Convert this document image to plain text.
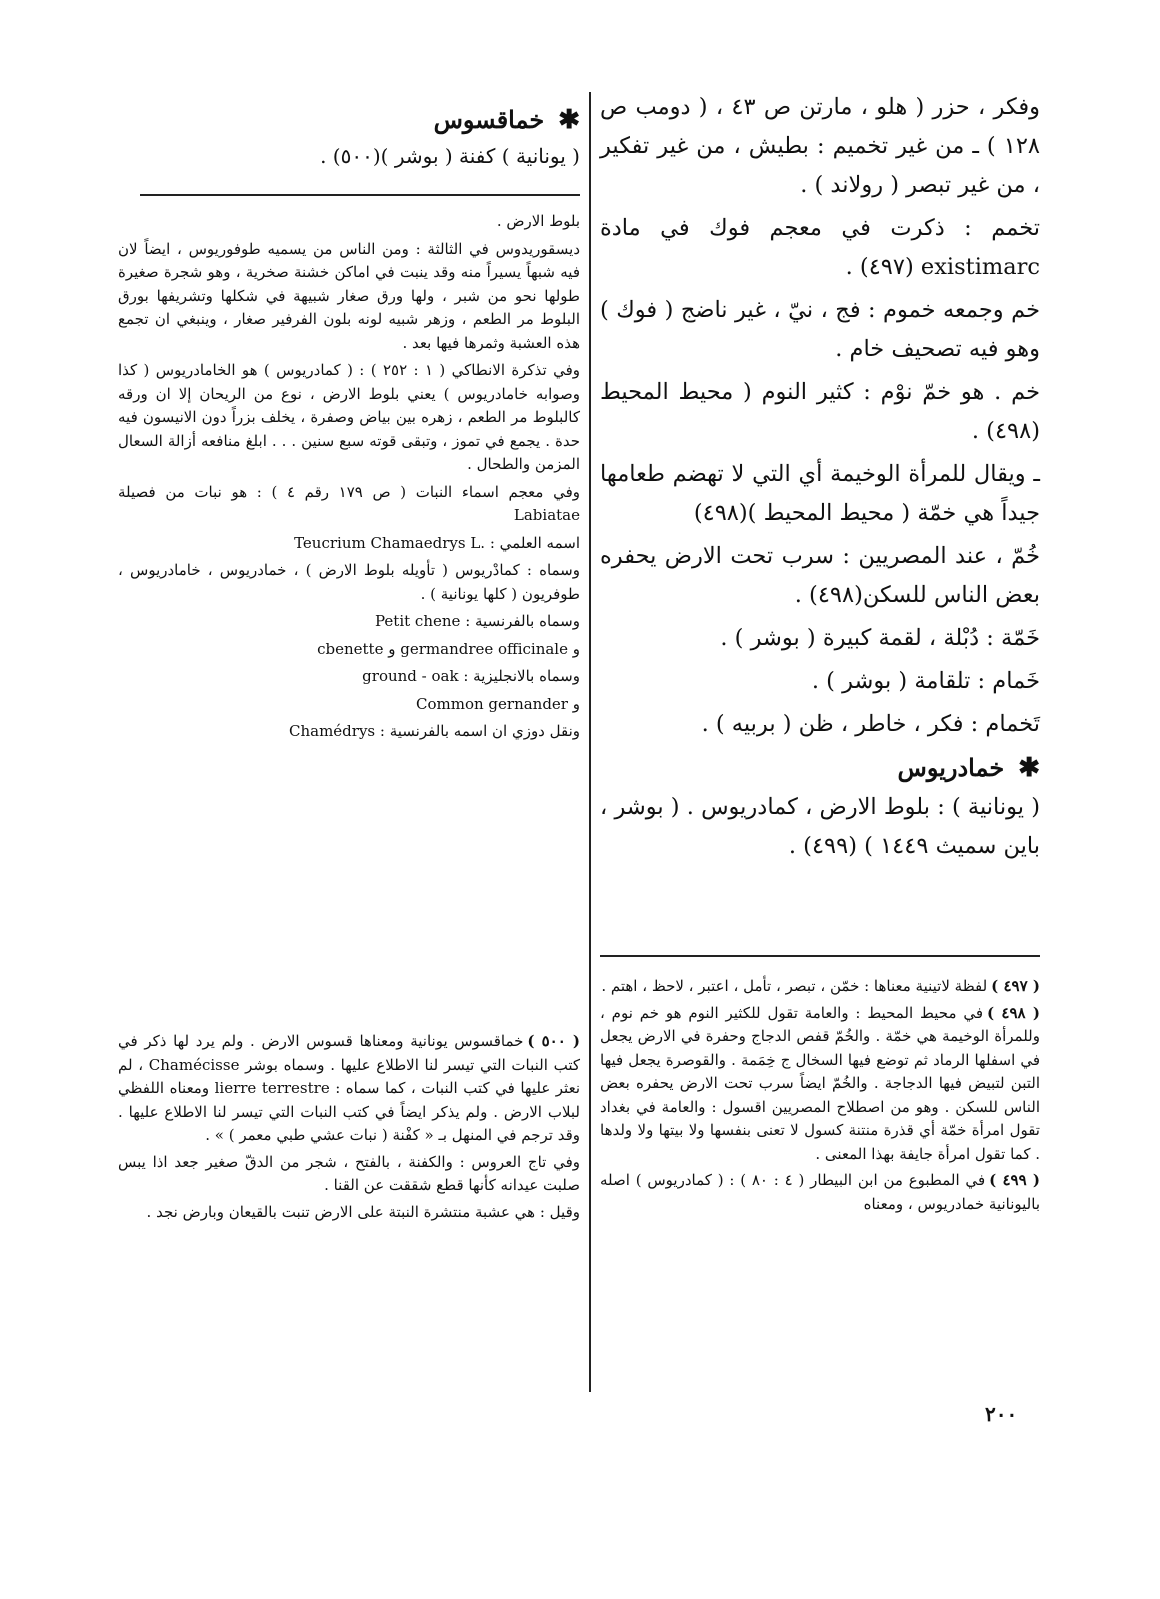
وفكر ، حزر ( هلو ، مارتن ص ٤٣ ، ( دومب ص ١٢٨ ) ـ من غير تخميم : بطيش ، من غير تفكير ، من غير تبصر ( رولاند ) .

تخمم : ذكرت في معجم فوك في مادة existimarc (٤٩٧) .

خم وجمعه خموم : فج ، نيّ ، غير ناضج ( فوك ) وهو فيه تصحيف خام .

خم . هو خمّ نوْم : كثير النوم ( محيط المحيط (٤٩٨) .

ـ ويقال للمرأة الوخيمة أي التي لا تهضم طعامها جيداً هي خمّة ( محيط المحيط )(٤٩٨)

خُمّ ، عند المصريين : سرب تحت الارض يحفره بعض الناس للسكن(٤٩٨) .

خَمّة : دُبْلة ، لقمة كبيرة ( بوشر ) .

خَمام : تلقامة ( بوشر ) .

تَخمام : فكر ، خاطر ، ظن ( بربيه ) .

✱
خمادريوس

( يونانية ) : بلوط الارض ، كمادريوس . ( بوشر ، باين سميث ١٤٤٩ ) (٤٩٩) .

( ٤٩٧ )لفظة لاتينية معناها : خمّن ، تبصر ، تأمل ، اعتبر ، لاحظ ، اهتم .

( ٤٩٨ )في محيط المحيط : والعامة تقول للكثير النوم هو خم نوم ، وللمرأة الوخيمة هي خمّة . والخُمّ قفص الدجاج وحفرة في الارض يجعل في اسفلها الرماد ثم توضع فيها السخال ج خِمَمة . والقوصرة يجعل فيها التبن لتبيض فيها الدجاجة . والخُمّ ايضاً سرب تحت الارض يحفره بعض الناس للسكن . وهو من اصطلاح المصريين اقسول : والعامة في بغداد تقول امرأة خمّة أي قذرة منتنة كسول لا تعنى بنفسها ولا بيتها ولا ولدها . كما تقول امرأة جايفة بهذا المعنى .

( ٤٩٩ )في المطبوع من ابن البيطار ( ٤ : ٨٠ ) : ( كمادريوس ) اصله باليونانية خمادريوس ، ومعناه

✱
خماقسوس

( يونانية ) كفنة ( بوشر )(٥٠٠) .

بلوط الارض .

ديسقوريدوس في الثالثة : ومن الناس من يسميه طوفوريوس ، ايضاً لان فيه شبهاً يسيراً منه وقد ينبت في اماكن خشنة صخرية ، وهو شجرة صغيرة طولها نحو من شبر ، ولها ورق صغار شبيهة في شكلها وتشريفها بورق البلوط مر الطعم ، وزهر شبيه لونه بلون الفرفير صغار ، وينبغي ان تجمع هذه العشبة وثمرها فيها بعد .

وفي تذكرة الانطاكي ( ١ : ٢٥٢ ) : ( كمادريوس ) هو الخامادريوس ( كذا وصوابه خامادريوس ) يعني بلوط الارض ، نوع من الريحان إلا ان ورقه كالبلوط مر الطعم ، زهره بين بياض وصفرة ، يخلف بزراً دون الانيسون فيه حدة . يجمع في تموز ، وتبقى قوته سبع سنين . . . ابلغ منافعه أزالة السعال المزمن والطحال .

وفي معجم اسماء النبات ( ص ١٧٩ رقم ٤ ) : هو نبات من فصيلة Labiatae

اسمه العلمي : .Teucrium Chamaedrys L

وسماه : كمادْريوس ( تأويله بلوط الارض ) ، خمادريوس ، خامادريوس ، طوفريون ( كلها يونانية ) .

وسماه بالفرنسية : Petit chene

و germandree officinale و cbenette

وسماه بالانجليزية : ground - oak

و Common gernander

ونقل دوزي ان اسمه بالفرنسية : Chamédrys

( ٥٠٠ )خماقسوس يونانية ومعناها قسوس الارض . ولم يرد لها ذكر في كتب النبات التي تيسر لنا الاطلاع عليها . وسماه بوشر Chamécisse ، لم نعثر عليها في كتب النبات ، كما سماه : lierre terrestre ومعناه اللفظي لبلاب الارض . ولم يذكر ايضاً في كتب النبات التي تيسر لنا الاطلاع عليها . وقد ترجم في المنهل بـ « كفْنة ( نبات عشي طبي معمر ) » .

وفي تاج العروس : والكفنة ، بالفتح ، شجر من الدقّ صغير جعد اذا يبس صلبت عيدانه كأنها قطع شققت عن القنا .

وقيل : هي عشبة منتشرة النبتة على الارض تنبت بالقيعان وبارض نجد .

٢٠٠
